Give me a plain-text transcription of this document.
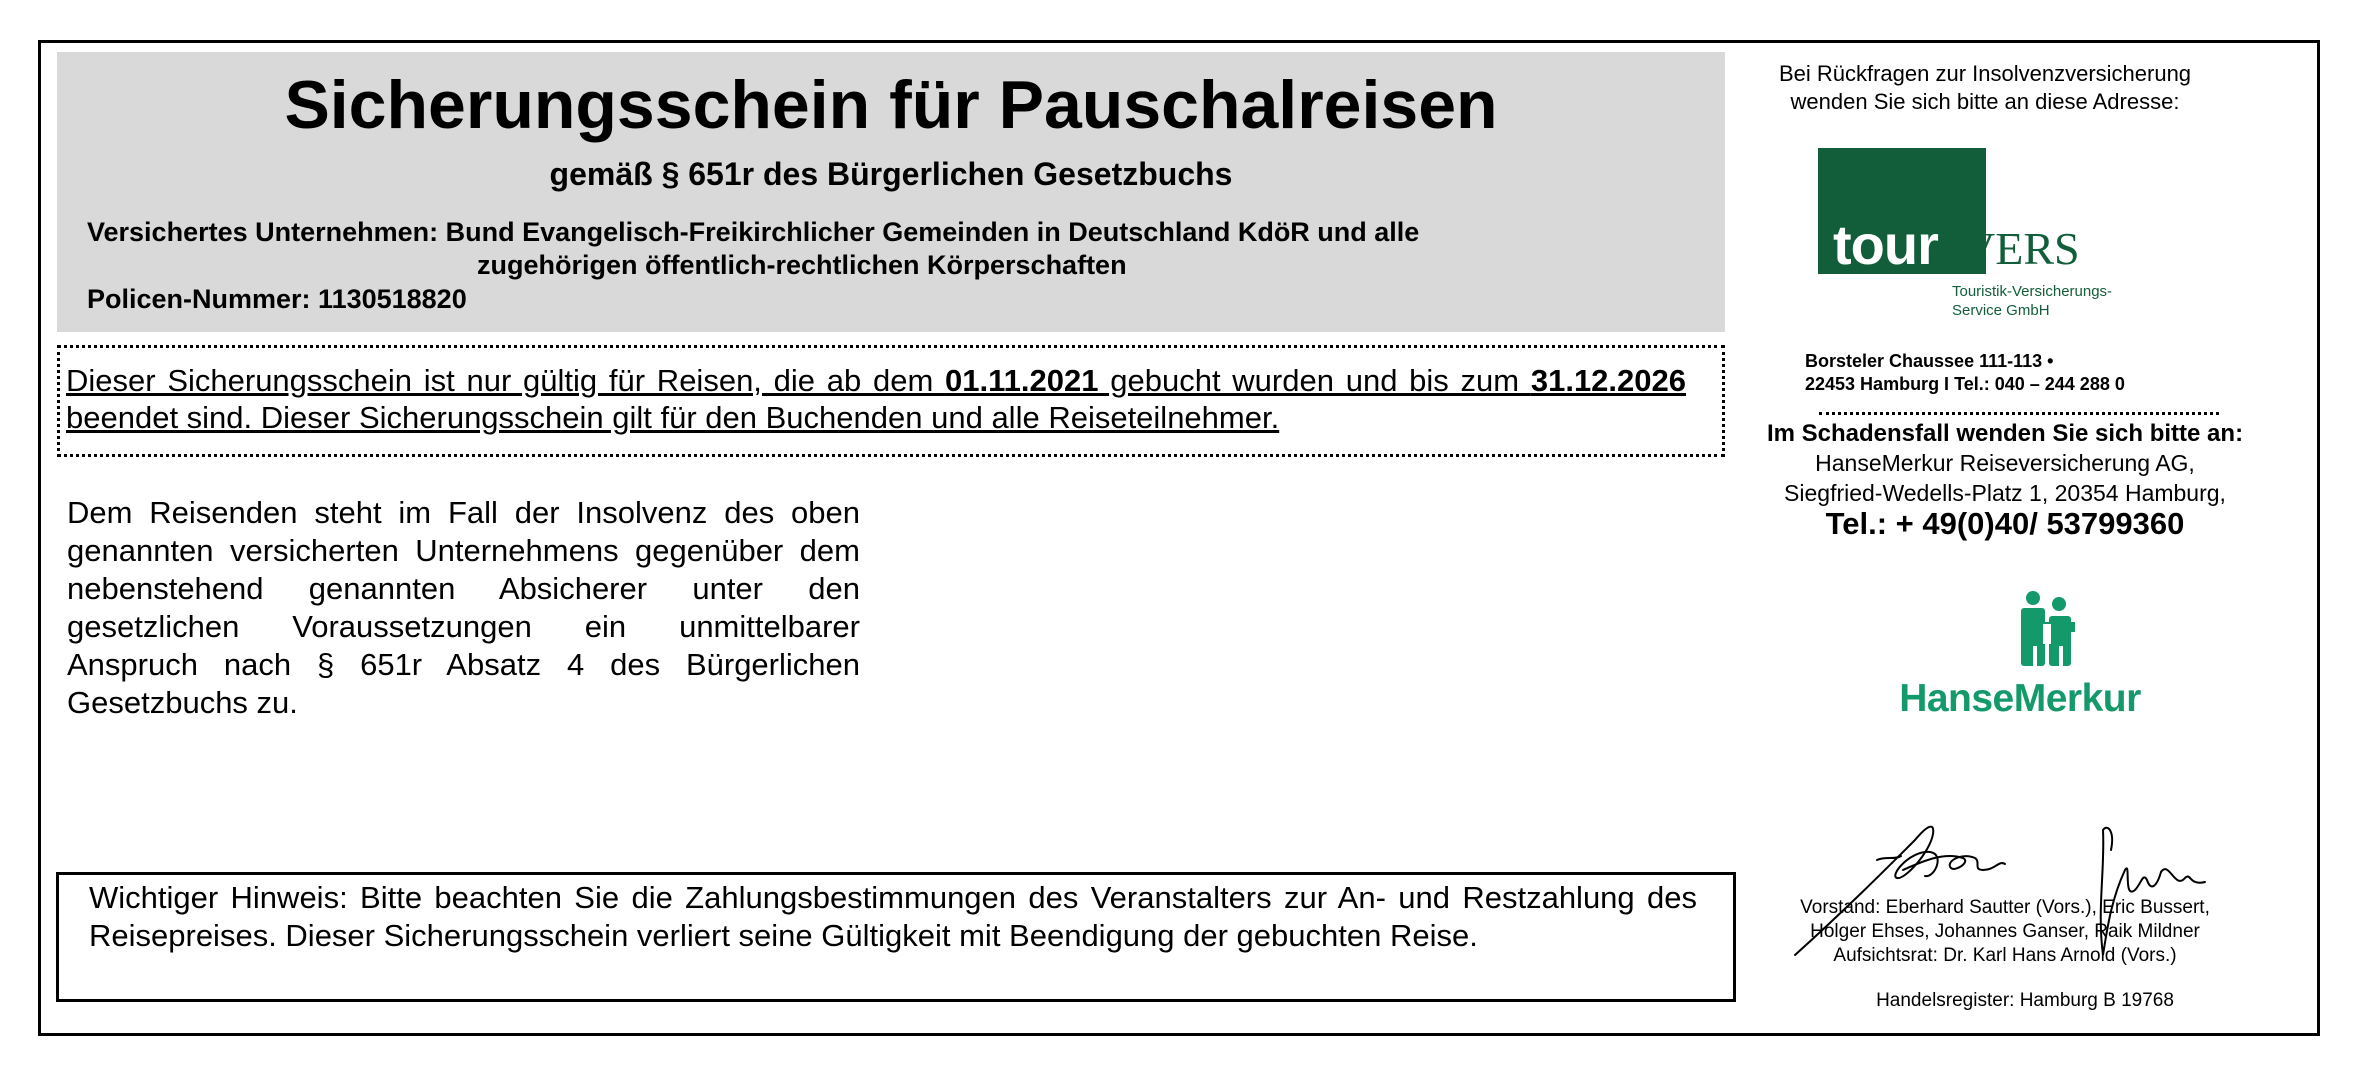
Sicherungsschein für Pauschalreisen
gemäß § 651r des Bürgerlichen Gesetzbuchs
Versichertes Unternehmen: Bund Evangelisch-Freikirchlicher Gemeinden in Deutschland KdöR und alle
zugehörigen öffentlich-rechtlichen Körperschaften
Policen-Nummer: 1130518820
Dieser Sicherungsschein ist nur gültig für Reisen, die ab dem 01.11.2021 gebucht wurden und bis zum 31.12.2026 beendet sind. Dieser Sicherungsschein gilt für den Buchenden und alle Reiseteilnehmer.
Dem Reisenden steht im Fall der Insolvenz des oben genannten versicherten Unternehmens gegenüber dem nebenstehend genannten Absicherer unter den gesetzlichen Voraussetzungen ein unmittelbarer Anspruch nach § 651r Absatz 4 des Bürgerlichen Gesetzbuchs zu.
Wichtiger Hinweis: Bitte beachten Sie die Zahlungsbestimmungen des Veranstalters zur An- und Restzahlung des Reisepreises. Dieser Sicherungsschein verliert seine Gültigkeit mit Beendigung der gebuchten Reise.
Bei Rückfragen zur Insolvenzversicherung
wenden Sie sich bitte an diese Adresse:
tour VERS
Touristik-Versicherungs-
Service GmbH
Borsteler Chaussee 111-113 •
22453 Hamburg I Tel.: 040 – 244 288 0
Im Schadensfall wenden Sie sich bitte an:
HanseMerkur Reiseversicherung AG,
Siegfried-Wedells-Platz 1, 20354 Hamburg,
Tel.: + 49(0)40/ 53799360
HanseMerkur
Vorstand: Eberhard Sautter (Vors.), Eric Bussert,
Holger Ehses, Johannes Ganser, Raik Mildner
Aufsichtsrat: Dr. Karl Hans Arnold (Vors.)
Handelsregister: Hamburg B 19768
